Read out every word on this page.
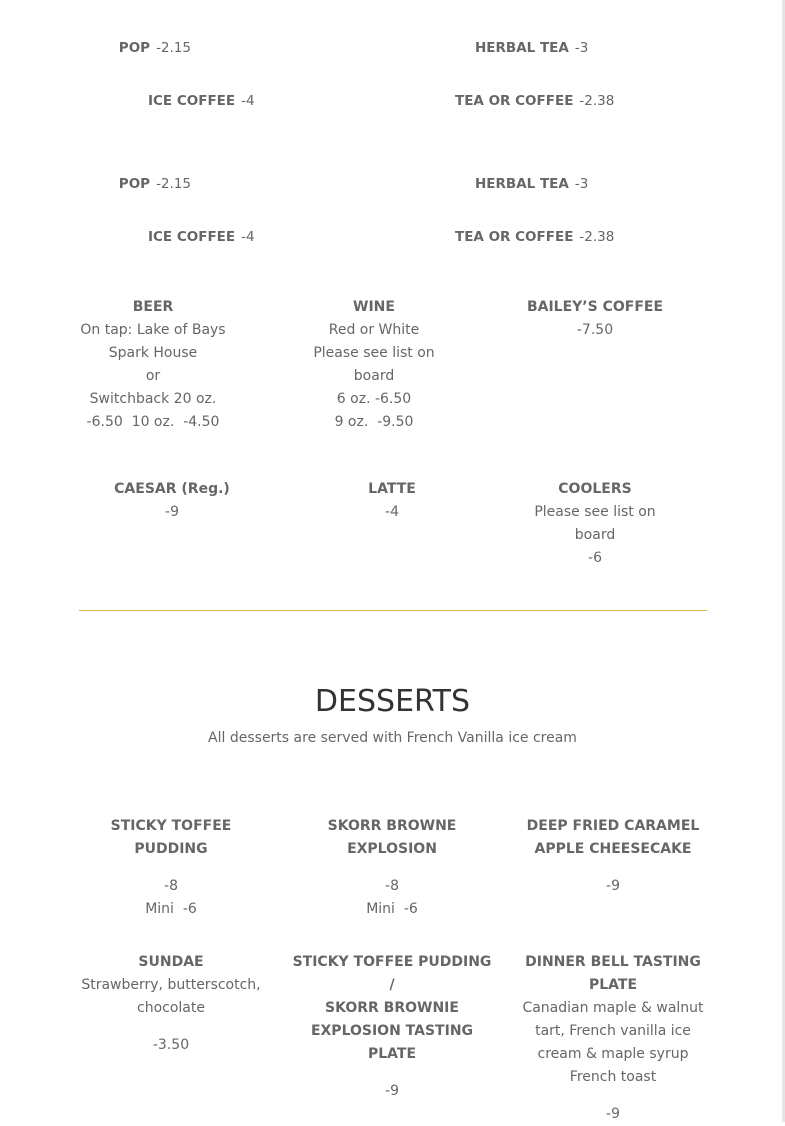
POP -2.15	HERBAL TEA -3
ICE COFFEE -4	TEA OR COFFEE -2.38
POP -2.15	HERBAL TEA -3
ICE COFFEE -4	TEA OR COFFEE -2.38
BEER
On tap: Lake of Bays
Spark House
or
Switchback 20 oz.
-6.50  10 oz.  -4.50
WINE
Red or White
Please see list on
board
6 oz. -6.50
9 oz.  -9.50
BAILEY’S COFFEE
-7.50
CAESAR (Reg.)
-9
LATTE
-4
COOLERS
Please see list on
board
-6
DESSERTS
All desserts are served with French Vanilla ice cream
STICKY TOFFEE PUDDING
-8
Mini  -6
SKORR BROWNE
EXPLOSION
-8
Mini  -6
DEEP FRIED CARAMEL
APPLE CHEESECAKE
-9
SUNDAE
Strawberry, butterscotch,
chocolate
-3.50
STICKY TOFFEE PUDDING /
SKORR BROWNIE
EXPLOSION TASTING
PLATE
-9
DINNER BELL TASTING
PLATE
Canadian maple & walnut
tart, French vanilla ice
cream & maple syrup
French toast
-9
